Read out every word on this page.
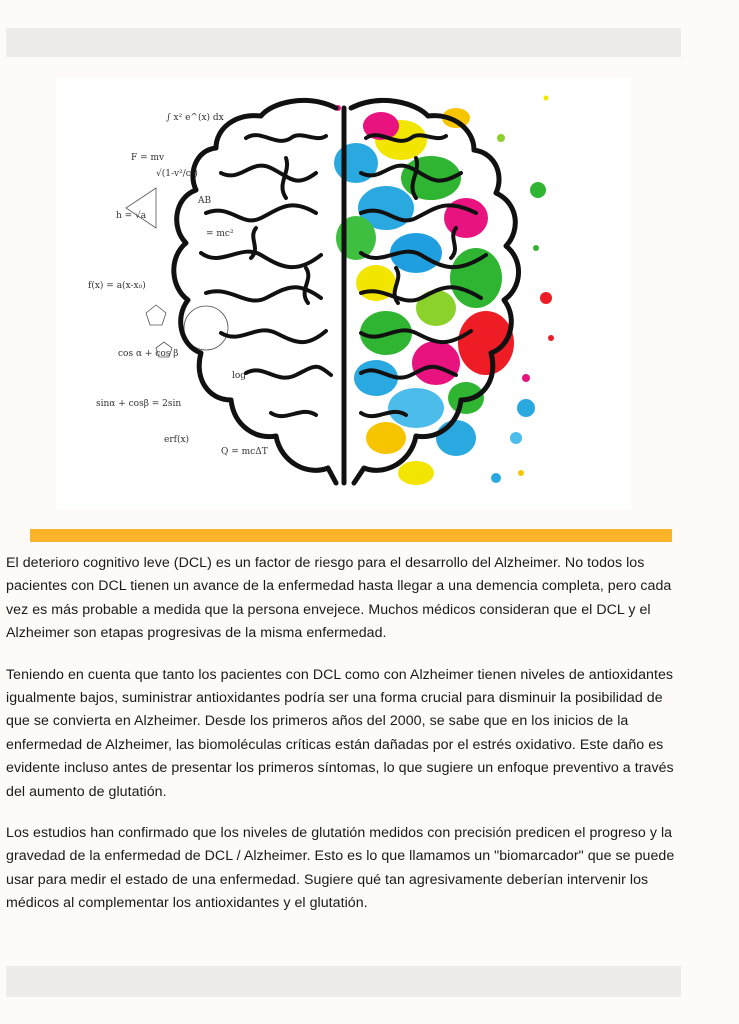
∫ x² e^(x) dx
F = mv
√(1-v²/c²)
h = √a
f(x) = a(x-x₀)
= mc²
sinα + cosβ = 2sin
cos α + cos β
erf(x)
Q = mcΔT
AB
log

El deterioro cognitivo leve (DCL) es un factor de riesgo para el desarrollo del Alzheimer. No todos los pacientes con DCL tienen un avance de la enfermedad hasta llegar a una demencia completa, pero cada vez es más probable a medida que la persona envejece. Muchos médicos consideran que el DCL y el Alzheimer son etapas progresivas de la misma enfermedad.

Teniendo en cuenta que tanto los pacientes con DCL como con Alzheimer tienen niveles de antioxidantes igualmente bajos, suministrar antioxidantes podría ser una forma crucial para disminuir la posibilidad de que se convierta en Alzheimer. Desde los primeros años del 2000, se sabe que en los inicios de la enfermedad de Alzheimer, las biomoléculas críticas están dañadas por el estrés oxidativo. Este daño es evidente incluso antes de presentar los primeros síntomas, lo que sugiere un enfoque preventivo a través del aumento de glutatión.

Los estudios han confirmado que los niveles de glutatión medidos con precisión predicen el progreso y la gravedad de la enfermedad de DCL / Alzheimer. Esto es lo que llamamos un "biomarcador" que se puede usar para medir el estado de una enfermedad. Sugiere qué tan agresivamente deberían intervenir los médicos al complementar los antioxidantes y el glutatión.
